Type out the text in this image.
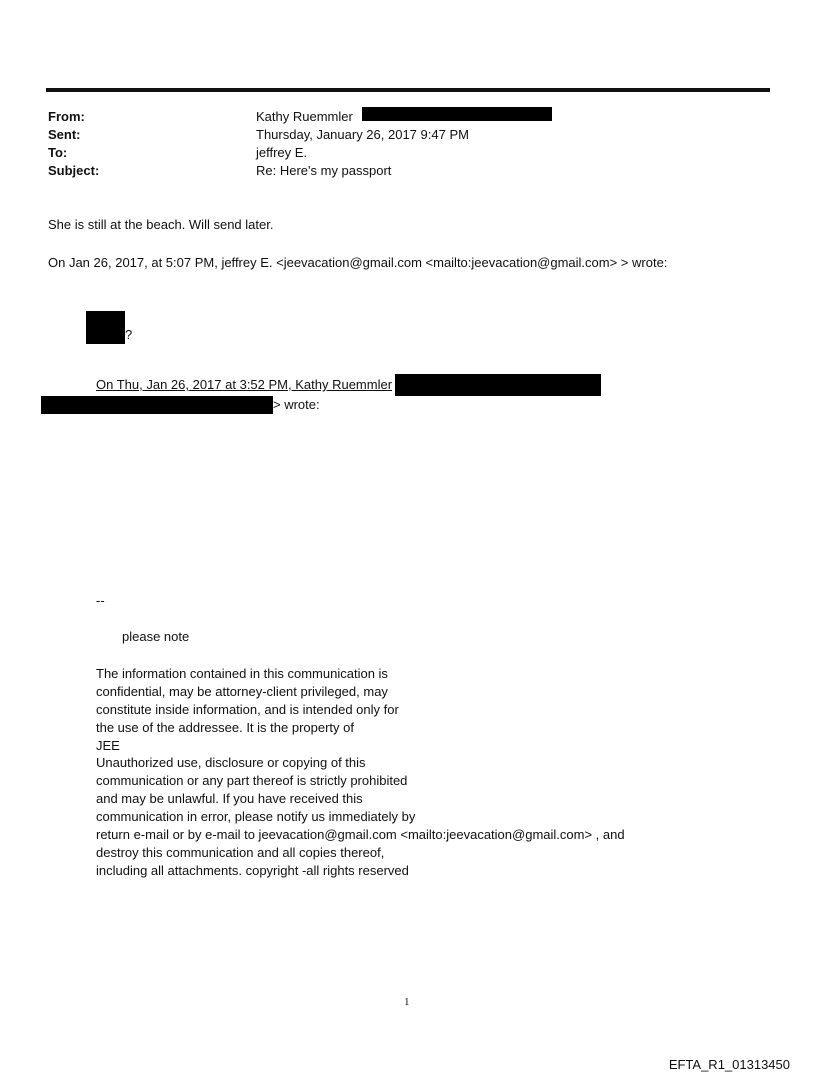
From:	Kathy Ruemmler
Sent:	Thursday, January 26, 2017 9:47 PM
To:	jeffrey E.
Subject:	Re: Here's my passport
She is still at the beach. Will send later.
On Jan 26, 2017, at 5:07 PM, jeffrey E. <jeevacation@gmail.com <mailto:jeevacation@gmail.com> > wrote:
?
On Thu, Jan 26, 2017 at 3:52 PM, Kathy Ruemmler
> wrote:
--
please note
The information contained in this communication is
confidential, may be attorney-client privileged, may
constitute inside information, and is intended only for
the use of the addressee. It is the property of
JEE
Unauthorized use, disclosure or copying of this
communication or any part thereof is strictly prohibited
and may be unlawful. If you have received this
communication in error, please notify us immediately by
return e-mail or by e-mail to jeevacation@gmail.com <mailto:jeevacation@gmail.com> , and
destroy this communication and all copies thereof,
including all attachments. copyright -all rights reserved
1
EFTA_R1_01313450
